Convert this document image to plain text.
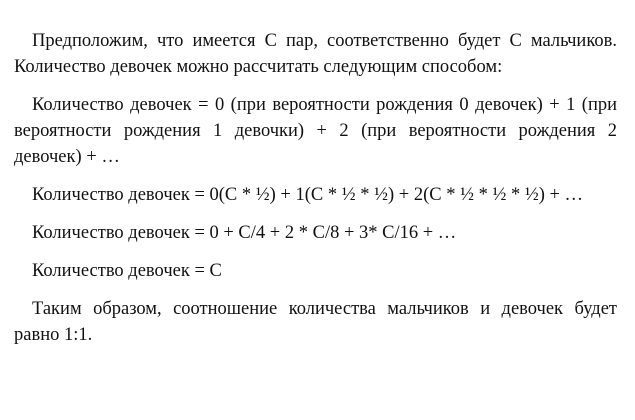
Предположим, что имеется С пар, соответственно будет С мальчиков. Количество девочек можно рассчитать следующим способом:

Количество девочек = 0 (при вероятности рождения 0 девочек) + 1 (при вероятности рождения 1 девочки) + 2 (при вероятности рождения 2 девочек) + …

Количество девочек = 0(С * ½) + 1(С * ½ * ½) + 2(С * ½ * ½ * ½) + …

Количество девочек = 0 + С/4 + 2 * С/8 + 3* С/16 + …

Количество девочек = С

Таким образом, соотношение количества мальчиков и девочек будет равно 1:1.
